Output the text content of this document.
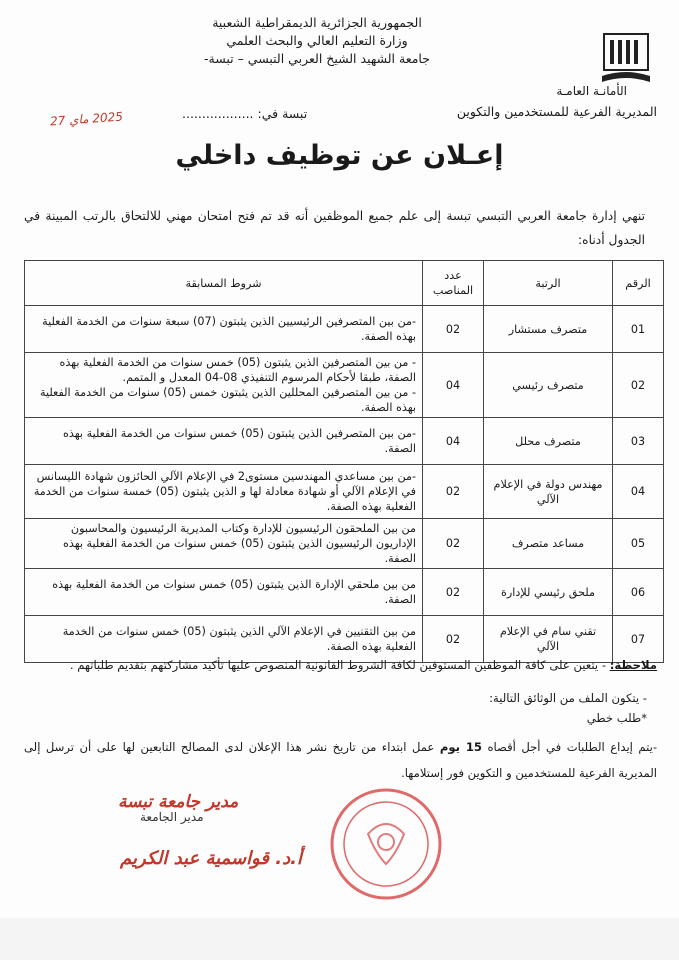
الجمهورية الجزائرية الديمقراطية الشعبية
وزارة التعليم العالي والبحث العلمي
جامعة الشهيد الشيخ العربي التبسي – تبسة-
الأمانـة العامـة
المديرية الفرعية للمستخدمين والتكوين
تبسة في: ..................
2025 ماي 27
إعـلان عن توظيف داخلي
تنهي إدارة جامعة العربي التبسي تبسة إلى علم جميع الموظفين أنه قد تم فتح امتحان مهني للالتحاق بالرتب المبينة في الجدول أدناه:
الرقم	الرتبة	عدد المناصب	شروط المسابقة
01	متصرف مستشار	02	-من بين المتصرفين الرئيسيين الذين يثبتون (07) سبعة سنوات من الخدمة الفعلية بهذه الصفة.
02	متصرف رئيسي	04	- من بين المتصرفين الذين يثبتون (05) خمس سنوات من الخدمة الفعلية بهذه الصفة، طبقا لأحكام المرسوم التنفيذي 08-04 المعدل و المتمم.
- من بين المتصرفين المحللين الذين يثبتون خمس (05) سنوات من الخدمة الفعلية بهذه الصفة.
03	متصرف محلل	04	-من بين المتصرفين الذين يثبتون (05) خمس سنوات من الخدمة الفعلية بهذه الصفة.
04	مهندس دولة في الإعلام الآلي	02	-من بين مساعدي المهندسين مستوى2 في الإعلام الآلي الحائزون شهادة الليسانس في الإعلام الآلي أو شهادة معادلة لها و الذين يثبتون (05) خمسة سنوات من الخدمة الفعلية بهذه الصفة.
05	مساعد متصرف	02	من بين الملحقون الرئيسيون للإدارة وكتاب المديرية الرئيسيون والمحاسبون الإداريون الرئيسيون الذين يثبتون (05) خمس سنوات من الخدمة الفعلية بهذه الصفة.
06	ملحق رئيسي للإدارة	02	من بين ملحقي الإدارة الذين يثبتون (05) خمس سنوات من الخدمة الفعلية بهذه الصفة.
07	تقني سام في الإعلام الآلي	02	من بين التقنيين في الإعلام الآلي الذين يثبتون (05) خمس سنوات من الخدمة الفعلية بهذه الصفة.
ملاحظة: - يتعين على كافة الموظفين المستوفين لكافة الشروط القانونية المنصوص عليها تأكيد مشاركتهم بتقديم طلباتهم .
- يتكون الملف من الوثائق التالية:
*طلب خطي
-يتم إيداع الطلبات في أجل أقصاه 15 يوم عمل ابتداء من تاريخ نشر هذا الإعلان لدى المصالح التابعين لها على أن ترسل إلى المديرية الفرعية للمستخدمين و التكوين فور إستلامها.
مدير جامعة تبسة
مدير الجامعة
أ.د. قواسمية عبد الكريم
